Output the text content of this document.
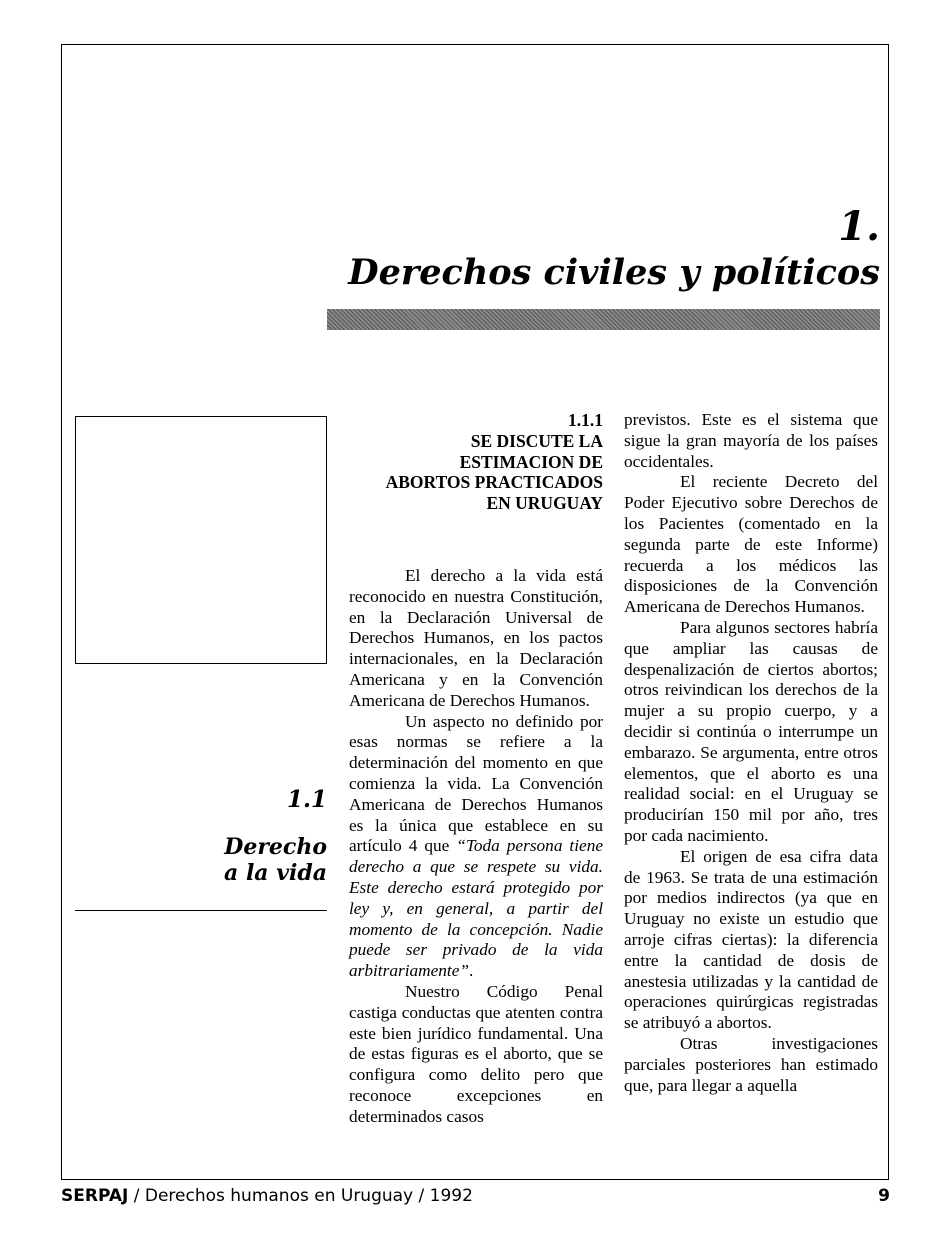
1.
Derechos civiles y políticos
1.1
Derecho
a la vida
1.1.1
SE DISCUTE LA
ESTIMACION DE
ABORTOS PRACTICADOS
EN URUGUAY

El derecho a la vida está reconocido en nuestra Constitución, en la Declaración Universal de Derechos Humanos, en los pactos internacionales, en la Declaración Americana y en la Convención Americana de Derechos Humanos.

Un aspecto no definido por esas normas se refiere a la determinación del momento en que comienza la vida. La Convención Americana de Derechos Humanos es la única que establece en su artículo 4 que “Toda persona tiene derecho a que se respete su vida. Este derecho estará protegido por ley y, en general, a partir del momento de la concepción. Nadie puede ser privado de la vida arbitrariamente”.

Nuestro Código Penal castiga conductas que atenten contra este bien jurídico fundamental. Una de estas figuras es el aborto, que se configura como delito pero que reconoce excepciones en determinados casos

previstos. Este es el sistema que sigue la gran mayoría de los países occidentales.

El reciente Decreto del Poder Ejecutivo sobre Derechos de los Pacientes (comentado en la segunda parte de este Informe) recuerda a los médicos las disposiciones de la Convención Americana de Derechos Humanos.

Para algunos sectores habría que ampliar las causas de despenalización de ciertos abortos; otros reivindican los derechos de la mujer a su propio cuerpo, y a decidir si continúa o interrumpe un embarazo. Se argumenta, entre otros elementos, que el aborto es una realidad social: en el Uruguay se producirían 150 mil por año, tres por cada nacimiento.

El origen de esa cifra data de 1963. Se trata de una estimación por medios indirectos (ya que en Uruguay no existe un estudio que arroje cifras ciertas): la diferencia entre la cantidad de dosis de anestesia utilizadas y la cantidad de operaciones quirúrgicas registradas se atribuyó a abortos.

Otras investigaciones parciales posteriores han estimado que, para llegar a aquella

SERPAJ / Derechos humanos en Uruguay / 1992	9
